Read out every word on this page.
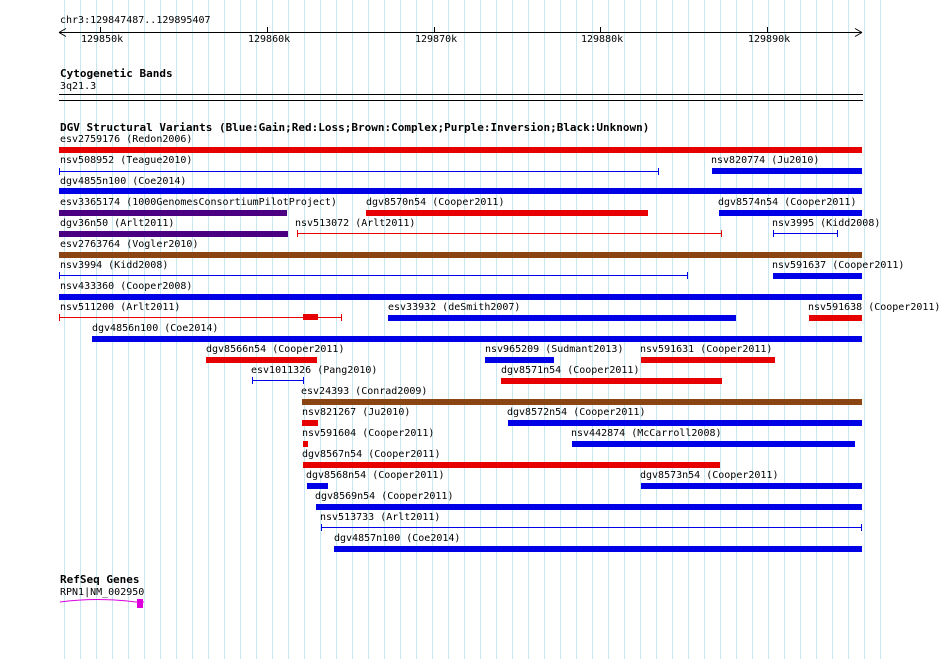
chr3:129847487..129895407
129850k	129860k	129870k	129880k	129890k
Cytogenetic Bands
3q21.3
DGV Structural Variants (Blue:Gain;Red:Loss;Brown:Complex;Purple:Inversion;Black:Unknown)
esv2759176 (Redon2006)
nsv508952 (Teague2010)	nsv820774 (Ju2010)
dgv4855n100 (Coe2014)
esv3365174 (1000GenomesConsortiumPilotProject)	dgv8570n54 (Cooper2011)	dgv8574n54 (Cooper2011)
dgv36n50 (Arlt2011)	nsv513072 (Arlt2011)	nsv3995 (Kidd2008)
esv2763764 (Vogler2010)
nsv3994 (Kidd2008)	nsv591637 (Cooper2011)
nsv433360 (Cooper2008)
nsv511200 (Arlt2011)	esv33932 (deSmith2007)	nsv591638 (Cooper2011)
dgv4856n100 (Coe2014)
dgv8566n54 (Cooper2011)	nsv965209 (Sudmant2013) nsv591631 (Cooper2011)
esv1011326 (Pang2010)	dgv8571n54 (Cooper2011)
esv24393 (Conrad2009)
nsv821267 (Ju2010)	dgv8572n54 (Cooper2011)
nsv591604 (Cooper2011)	nsv442874 (McCarroll2008)
dgv8567n54 (Cooper2011)
dgv8568n54 (Cooper2011)	dgv8573n54 (Cooper2011)
dgv8569n54 (Cooper2011)
nsv513733 (Arlt2011)
dgv4857n100 (Coe2014)
RefSeq Genes
RPN1|NM_002950
